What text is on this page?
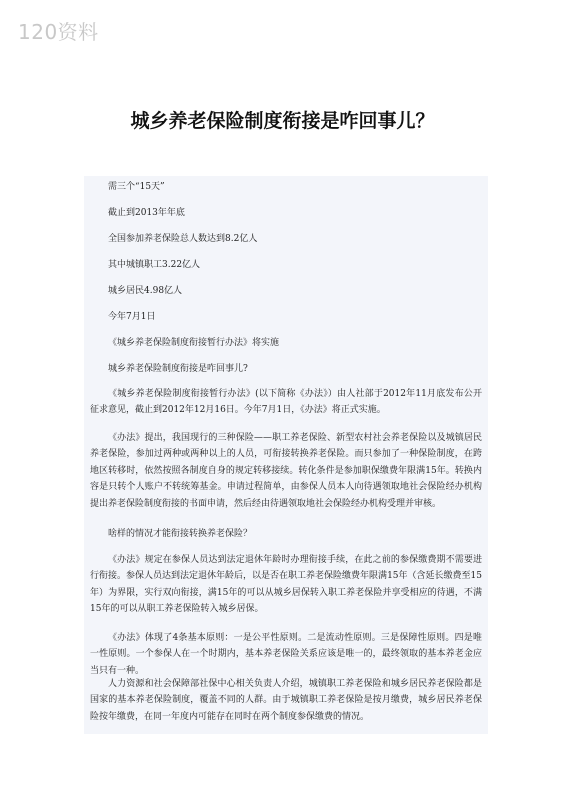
120资料
城乡养老保险制度衔接是咋回事儿？
需三个“15天”
截止到2013年年底
全国参加养老保险总人数达到8.2亿人
其中城镇职工3.22亿人
城乡居民4.98亿人
今年7月1日
《城乡养老保险制度衔接暂行办法》将实施
城乡养老保险制度衔接是咋回事儿?
《城乡养老保险制度衔接暂行办法》(以下简称《办法》）由人社部于2012年11月底发布公开征求意见，截止到2012年12月16日。今年7月1日，《办法》将正式实施。
《办法》提出，我国现行的三种保险——职工养老保险、新型农村社会养老保险以及城镇居民养老保险，参加过两种或两种以上的人员，可衔接转换养老保险。而只参加了一种保险制度，在跨地区转移时，依然按照各制度自身的规定转移接续。转化条件是参加职保缴费年限满15年。转换内容是只转个人账户不转统筹基金。申请过程简单，由参保人员本人向待遇领取地社会保险经办机构提出养老保险制度衔接的书面申请，然后经由待遇领取地社会保险经办机构受理并审核。
啥样的情况才能衔接转换养老保险？
《办法》规定在参保人员达到法定退休年龄时办理衔接手续，在此之前的参保缴费期不需要进行衔接。参保人员达到法定退休年龄后，以是否在职工养老保险缴费年限满15年（含延长缴费至15年）为界限，实行双向衔接，满15年的可以从城乡居保转入职工养老保险并享受相应的待遇，不满15年的可以从职工养老保险转入城乡居保。
《办法》体现了4条基本原则：一是公平性原则。二是流动性原则。三是保障性原则。四是唯一性原则。一个参保人在一个时期内，基本养老保险关系应该是唯一的，最终领取的基本养老金应当只有一种。
人力资源和社会保障部社保中心相关负责人介绍，城镇职工养老保险和城乡居民养老保险都是国家的基本养老保险制度，覆盖不同的人群。由于城镇职工养老保险是按月缴费，城乡居民养老保险按年缴费，在同一年度内可能存在同时在两个制度参保缴费的情况。
